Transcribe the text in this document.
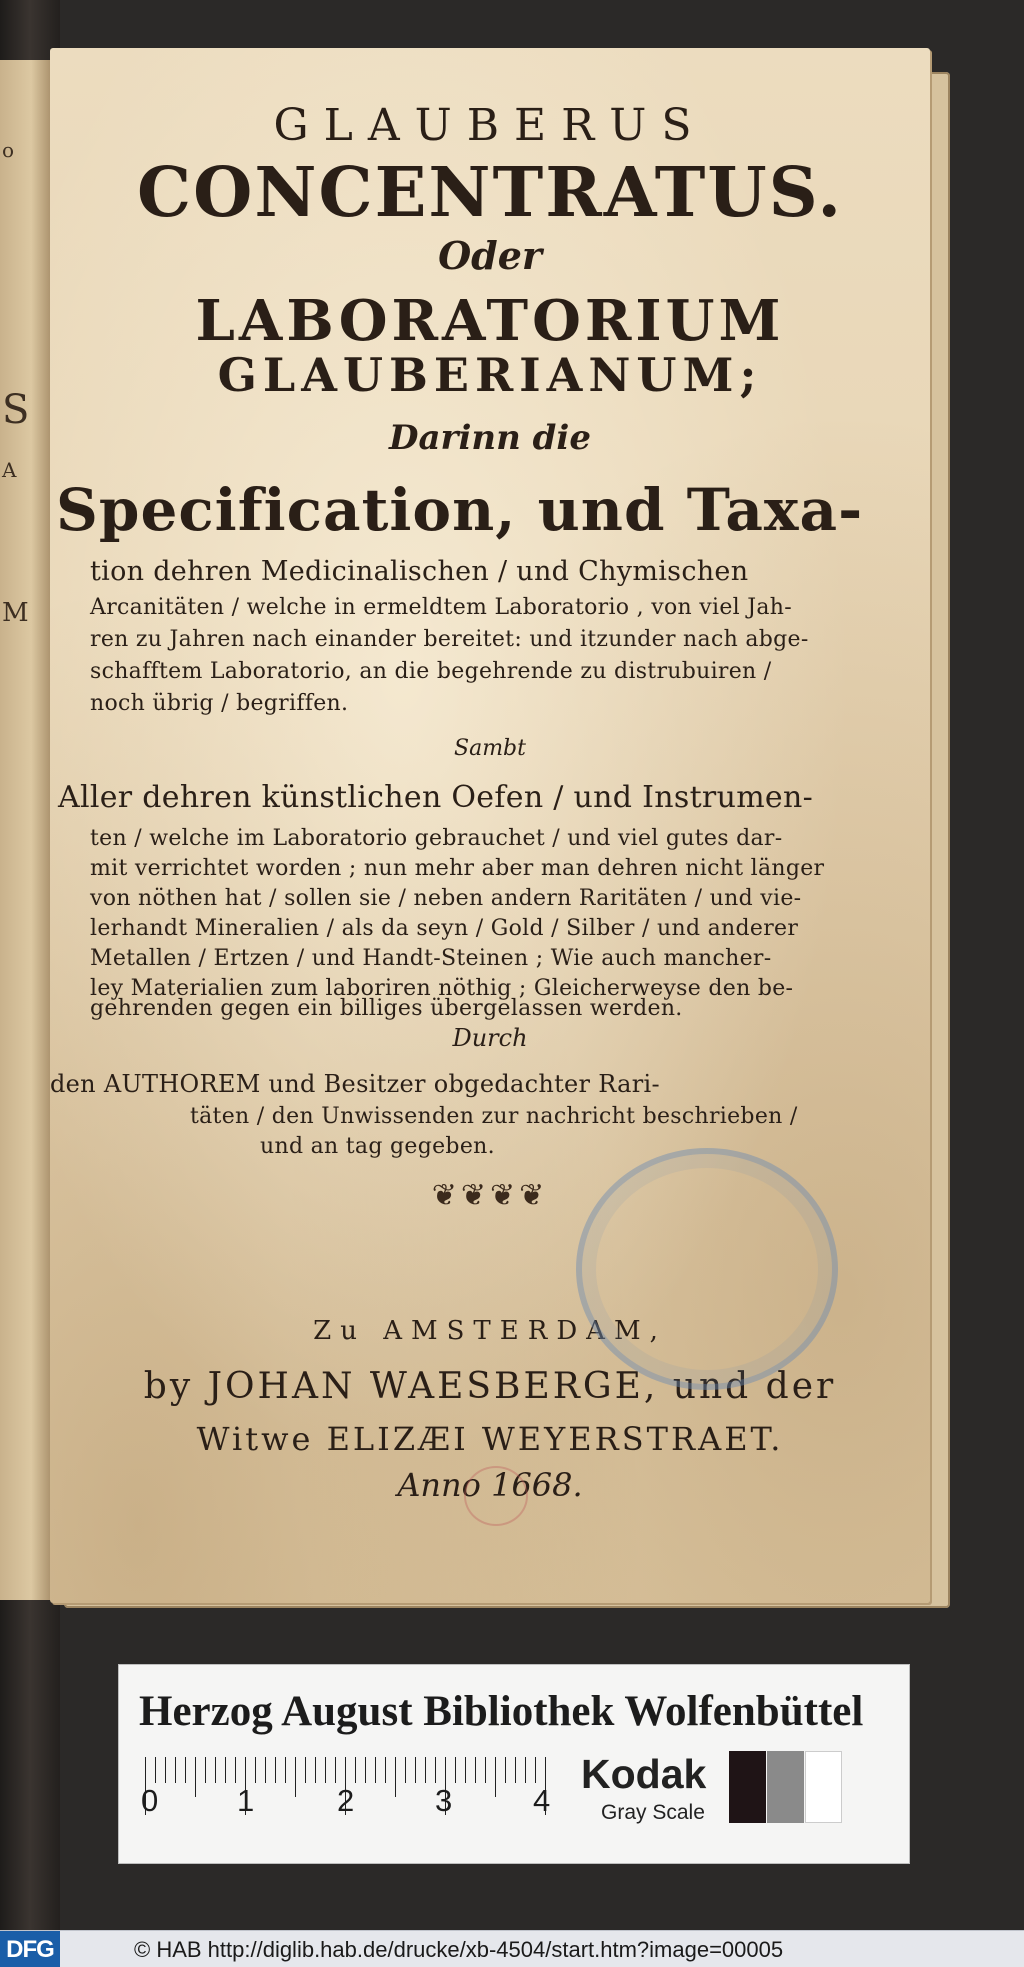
o
S
A
M
GLAUBERUS
CONCENTRATUS.
Oder
LABORATORIUM
GLAUBERIANUM;
Darinn die
Specification, und Taxa-
tion dehren Medicinalischen / und Chymischen
Arcanitäten / welche in ermeldtem Laboratorio , von viel Jah-
ren zu Jahren nach einander bereitet: und itzunder nach abge-
schafftem Laboratorio, an die begehrende zu distrubuiren /
noch übrig / begriffen.
Sambt
Aller dehren künstlichen Oefen / und Instrumen-
ten / welche im Laboratorio gebrauchet / und viel gutes dar-
mit verrichtet worden ; nun mehr aber man dehren nicht länger
von nöthen hat / sollen sie / neben andern Raritäten / und vie-
lerhandt Mineralien / als da seyn / Gold / Silber / und anderer
Metallen / Ertzen / und Handt-Steinen ; Wie auch mancher-
ley Materialien zum laboriren nöthig ; Gleicherweyse den be-
gehrenden gegen ein billiges übergelassen werden.
Durch
den AUTHOREM und Besitzer obgedachter Rari-
täten / den Unwissenden zur nachricht beschrieben /
und an tag gegeben.
❦❦❦❦
Zu AMSTERDAM,
by JOHAN WAESBERGE, und der
Witwe ELIZÆI WEYERSTRAET.
Anno 1668.
Herzog August Bibliothek Wolfenbüttel
0	1	2	3	4
Kodak
Gray Scale
DFG	© HAB http://diglib.hab.de/drucke/xb-4504/start.htm?image=00005
